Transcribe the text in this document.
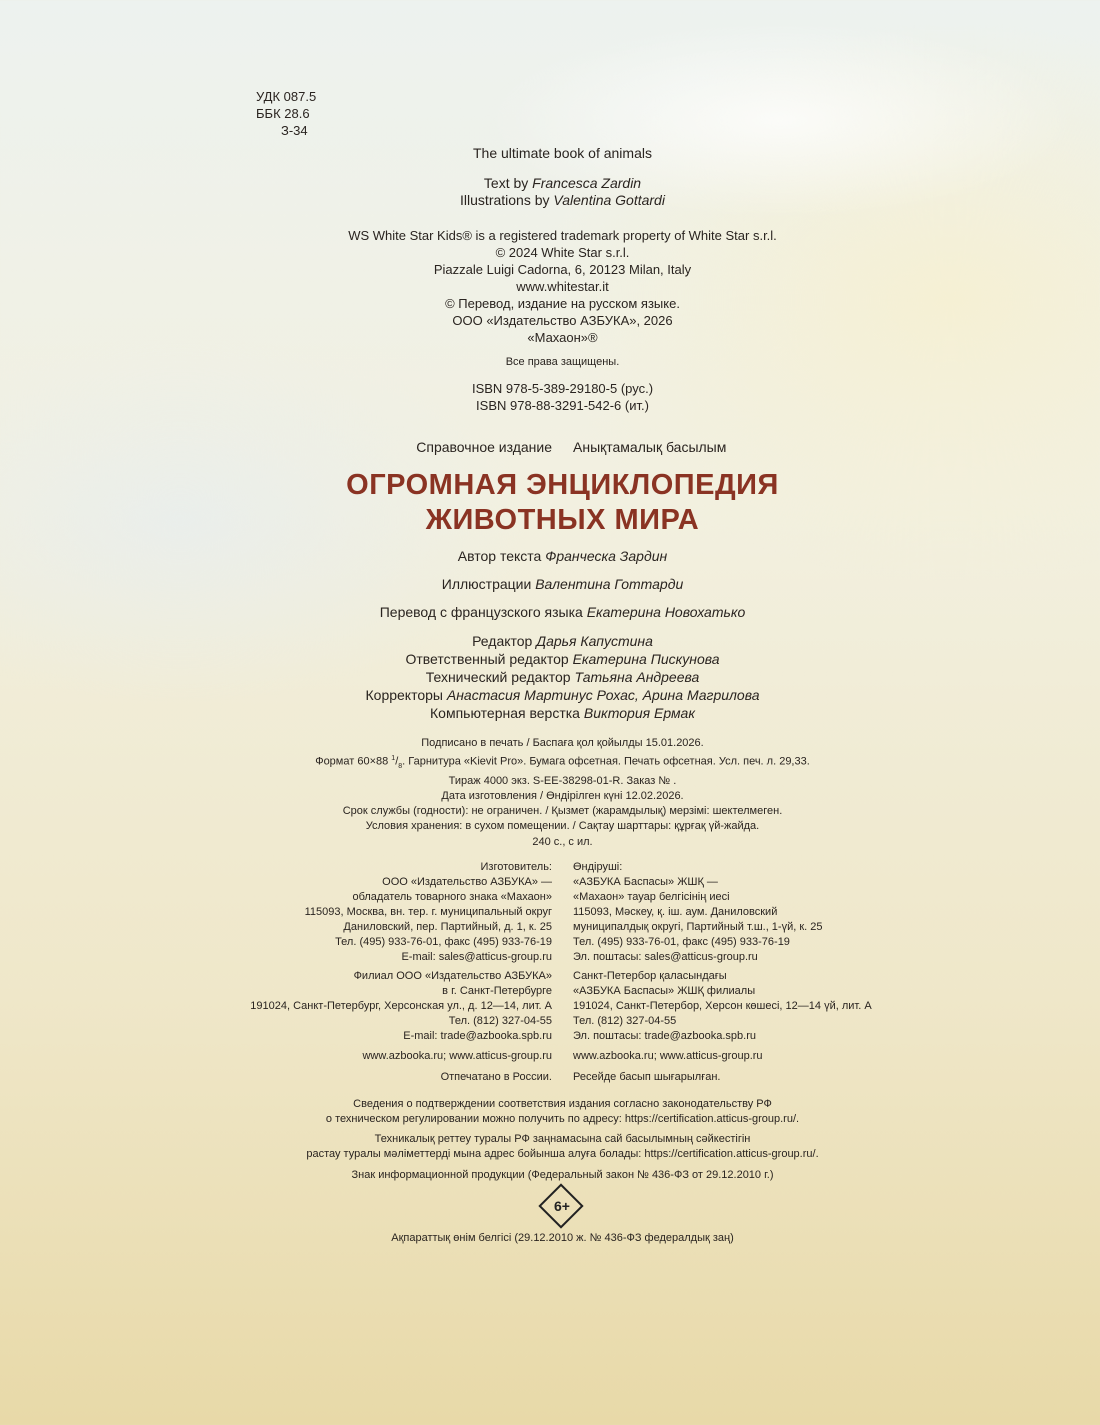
УДК 087.5
ББК 28.6
З-34
The ultimate book of animals
Text by Francesca Zardin
Illustrations by Valentina Gottardi
WS White Star Kids® is a registered trademark property of White Star s.r.l.
© 2024 White Star s.r.l.
Piazzale Luigi Cadorna, 6, 20123 Milan, Italy
www.whitestar.it
© Перевод, издание на русском языке.
ООО «Издательство АЗБУКА», 2026
«Махаон»®
Все права защищены.
ISBN 978-5-389-29180-5 (рус.)
ISBN 978-88-3291-542-6 (ит.)
Справочное издание Анықтамалық басылым
ОГРОМНАЯ ЭНЦИКЛОПЕДИЯ
ЖИВОТНЫХ МИРА
Автор текста Франческа Зардин
Иллюстрации Валентина Готтарди
Перевод с французского языка Екатерина Новохатько
Редактор Дарья Капустина
Ответственный редактор Екатерина Пискунова
Технический редактор Татьяна Андреева
Корректоры Анастасия Мартинус Рохас, Арина Магрилова
Компьютерная верстка Виктория Ермак
Подписано в печать / Баспаға қол қойылды 15.01.2026.
Формат 60×88 $^1/_8$. Гарнитура «Kievit Pro». Бумага офсетная. Печать офсетная. Усл. печ. л. 29,33.
Тираж 4000 экз. S-EE-38298-01-R. Заказ № .
Дата изготовления / Өндірілген күні 12.02.2026.
Срок службы (годности): не ограничен. / Қызмет (жарамдылық) мерзімі: шектелмеген.
Условия хранения: в сухом помещении. / Сақтау шарттары: құрғақ үй-жайда.
240 с., с ил.
Изготовитель:
ООО «Издательство АЗБУКА» —
обладатель товарного знака «Махаон»
115093, Москва, вн. тер. г. муниципальный округ
Даниловский, пер. Партийный, д. 1, к. 25
Тел. (495) 933-76-01, факс (495) 933-76-19
E-mail: sales@atticus-group.ru
Өндіруші:
«АЗБУКА Баспасы» ЖШҚ —
«Махаон» тауар белгісінің иесі
115093, Мәскеу, қ. іш. аум. Даниловский
муниципалдық округі, Партийный т.ш., 1-үй, к. 25
Тел. (495) 933-76-01, факс (495) 933-76-19
Эл. поштасы: sales@atticus-group.ru
Филиал ООО «Издательство АЗБУКА»
в г. Санкт-Петербурге
191024, Санкт-Петербург, Херсонская ул., д. 12—14, лит. А
Тел. (812) 327-04-55
E-mail: trade@azbooka.spb.ru
Санкт-Петербор қаласындағы
«АЗБУКА Баспасы» ЖШҚ филиалы
191024, Санкт-Петербор, Херсон көшесі, 12—14 үй, лит. А
Тел. (812) 327-04-55
Эл. поштасы: trade@azbooka.spb.ru
www.azbooka.ru; www.atticus-group.ru www.azbooka.ru; www.atticus-group.ru
Отпечатано в России. Ресейде басып шығарылған.
Сведения о подтверждении соответствия издания согласно законодательству РФ
о техническом регулировании можно получить по адресу: https://certification.atticus-group.ru/.
Техникалық реттеу туралы РФ заңнамасына сай басылымның сәйкестігін
растау туралы мәліметтерді мына адрес бойынша алуға болады: https://certification.atticus-group.ru/.
Знак информационной продукции (Федеральный закон № 436-ФЗ от 29.12.2010 г.)
6+
Ақпараттық өнім белгісі (29.12.2010 ж. № 436-ФЗ федералдық заң)
